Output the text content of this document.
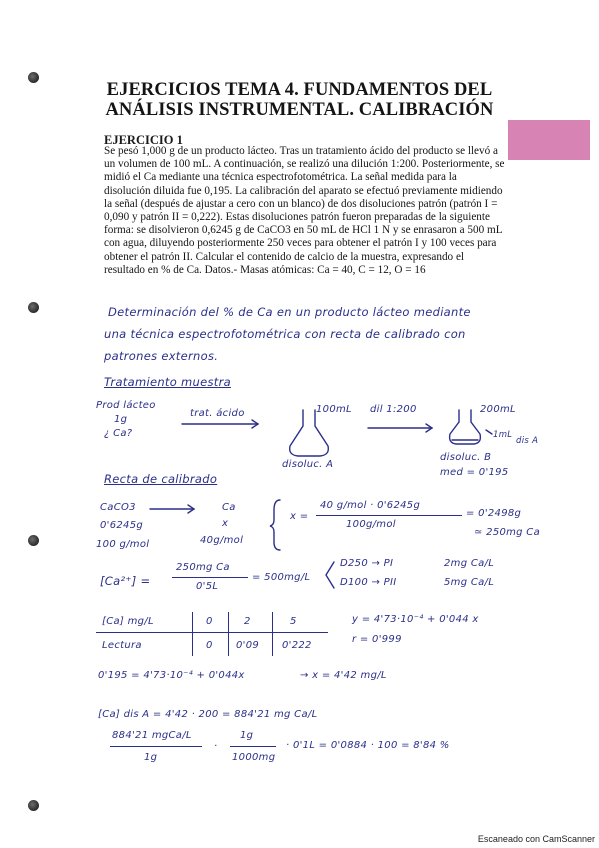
EJERCICIOS TEMA 4. FUNDAMENTOS DEL
ANÁLISIS INSTRUMENTAL. CALIBRACIÓN
EJERCICIO 1

Se pesó 1,000 g de un producto lácteo. Tras un tratamiento ácido del producto se llevó a un volumen de 100 mL. A continuación, se realizó una dilución 1:200. Posteriormente, se midió el Ca mediante una técnica espectrofotométrica. La señal medida para la disolución diluida fue 0,195. La calibración del aparato se efectuó previamente midiendo la señal (después de ajustar a cero con un blanco) de dos disoluciones patrón (patrón I = 0,090 y patrón II = 0,222). Estas disoluciones patrón fueron preparadas de la siguiente forma: se disolvieron 0,6245 g de CaCO3 en 50 mL de HCl 1 N y se enrasaron a 500 mL con agua, diluyendo posteriormente 250 veces para obtener el patrón I y 100 veces para obtener el patrón II. Calcular el contenido de calcio de la muestra, expresando el resultado en % de Ca. Datos.- Masas atómicas: Ca = 40, C = 12, O = 16

Determinación del % de Ca en un producto lácteo mediante
una técnica espectrofotométrica con recta de calibrado con
patrones externos.
Tratamiento muestra
Prod lácteo
1g
¿ Ca?
trat. ácido	100mL
disoluc. A
dil 1:200	200mL
1mL
dis A
disoluc. B
med = 0'195
Recta de calibrado
CaCO3	Ca
0'6245g	x
100 g/mol	40g/mol
x =
40 g/mol · 0'6245g
100g/mol
= 0'2498g
≃ 250mg Ca
[Ca²⁺] =
250mg Ca
0'5L
= 500mg/L
D250 → PI	2mg Ca/L
D100 → PII	5mg Ca/L
[Ca] mg/L	0	2	5
Lectura	0 0'09 0'222
y = 4'73·10⁻⁴ + 0'044 x
r = 0'999
0'195 = 4'73·10⁻⁴ + 0'044x	→ x = 4'42 mg/L
[Ca] dis A = 4'42 · 200 = 884'21 mg Ca/L
884'21 mgCa/L
1g
·
1g
1000mg
· 0'1L = 0'0884 · 100 = 8'84 %
Escaneado con CamScanner
